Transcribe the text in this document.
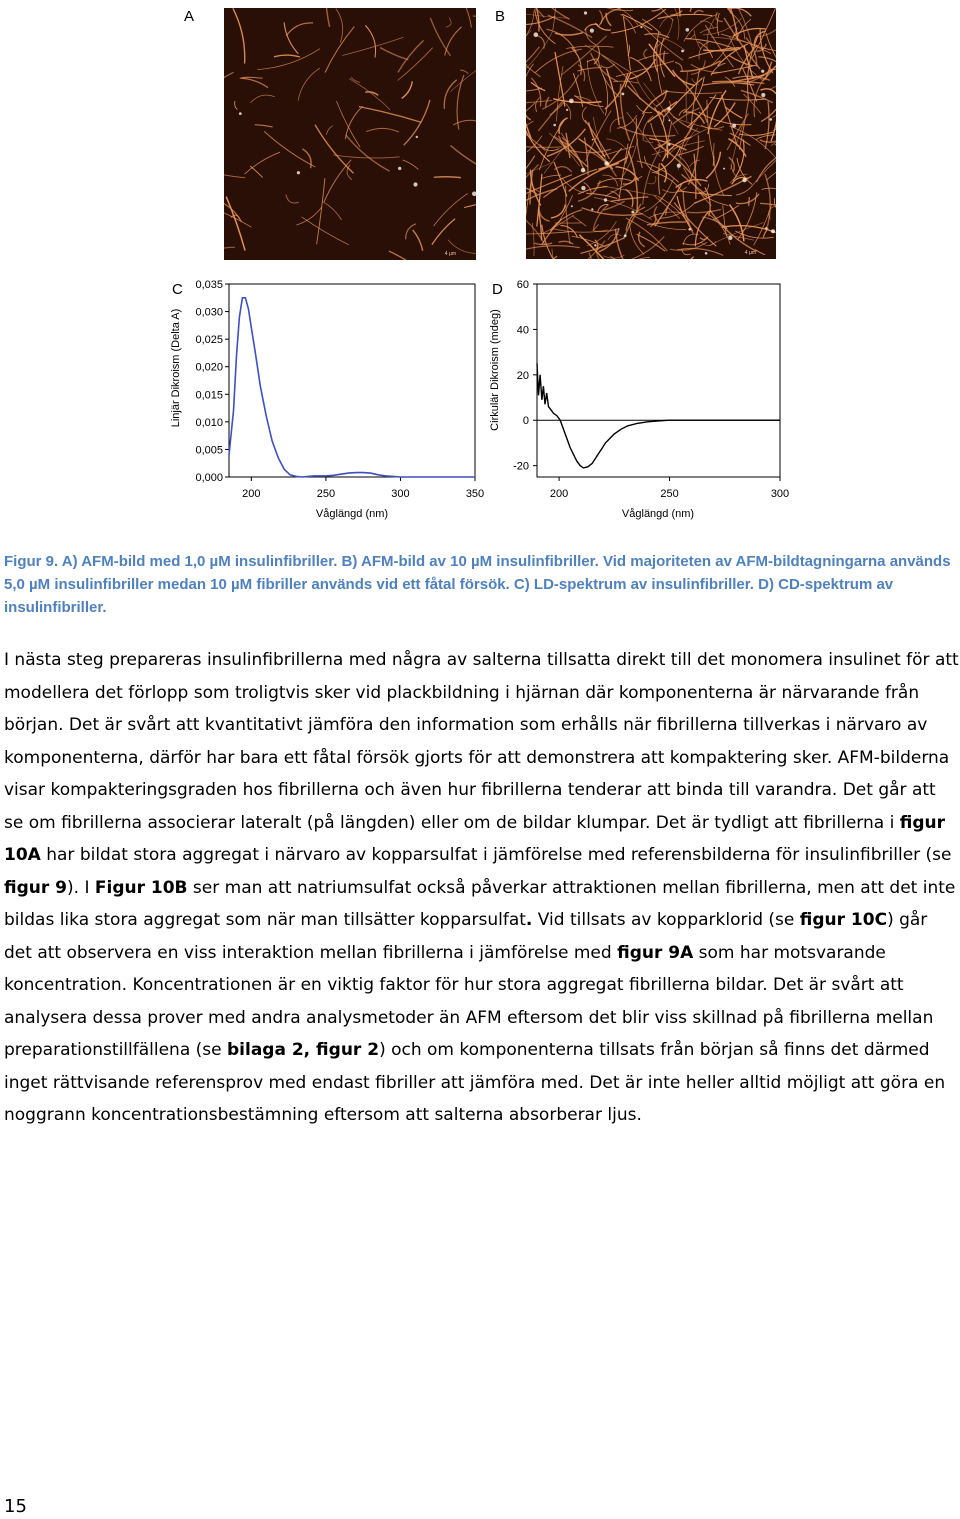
A	B
C	D
4 µm	4 µm
0,000
0,005
0,010
0,015
0,020
0,025
0,030
0,035
200	250	300	350
Linjär Dikroism (Delta A)
Våglängd (nm)
60
40
20
0
-20
200	250	300
Cirkulär Dikroism (mdeg)
Våglängd (nm)

Figur 9. A) AFM-bild med 1,0 µM insulinfibriller. B) AFM-bild av 10 µM insulinfibriller. Vid majoriteten av AFM-bildtagningarna används 5,0 µM insulinfibriller medan 10 µM fibriller används vid ett fåtal försök. C) LD-spektrum av insulinfibriller. D) CD-spektrum av insulinfibriller.

I nästa steg prepareras insulinfibrillerna med några av salterna tillsatta direkt till det monomera insulinet för att modellera det förlopp som troligtvis sker vid plackbildning i hjärnan där komponenterna är närvarande från början. Det är svårt att kvantitativt jämföra den information som erhålls när fibrillerna tillverkas i närvaro av komponenterna, därför har bara ett fåtal försök gjorts för att demonstrera att kompaktering sker. AFM-bilderna visar kompakteringsgraden hos fibrillerna och även hur fibrillerna tenderar att binda till varandra. Det går att se om fibrillerna associerar lateralt (på längden) eller om de bildar klumpar. Det är tydligt att fibrillerna i figur 10A har bildat stora aggregat i närvaro av kopparsulfat i jämförelse med referensbilderna för insulinfibriller (se figur 9). I Figur 10B ser man att natriumsulfat också påverkar attraktionen mellan fibrillerna, men att det inte bildas lika stora aggregat som när man tillsätter kopparsulfat. Vid tillsats av kopparklorid (se figur 10C) går det att observera en viss interaktion mellan fibrillerna i jämförelse med figur 9A som har motsvarande koncentration. Koncentrationen är en viktig faktor för hur stora aggregat fibrillerna bildar. Det är svårt att analysera dessa prover med andra analysmetoder än AFM eftersom det blir viss skillnad på fibrillerna mellan preparationstillfällena (se bilaga 2, figur 2) och om komponenterna tillsats från början så finns det därmed inget rättvisande referensprov med endast fibriller att jämföra med. Det är inte heller alltid möjligt att göra en noggrann koncentrationsbestämning eftersom att salterna absorberar ljus.

15
